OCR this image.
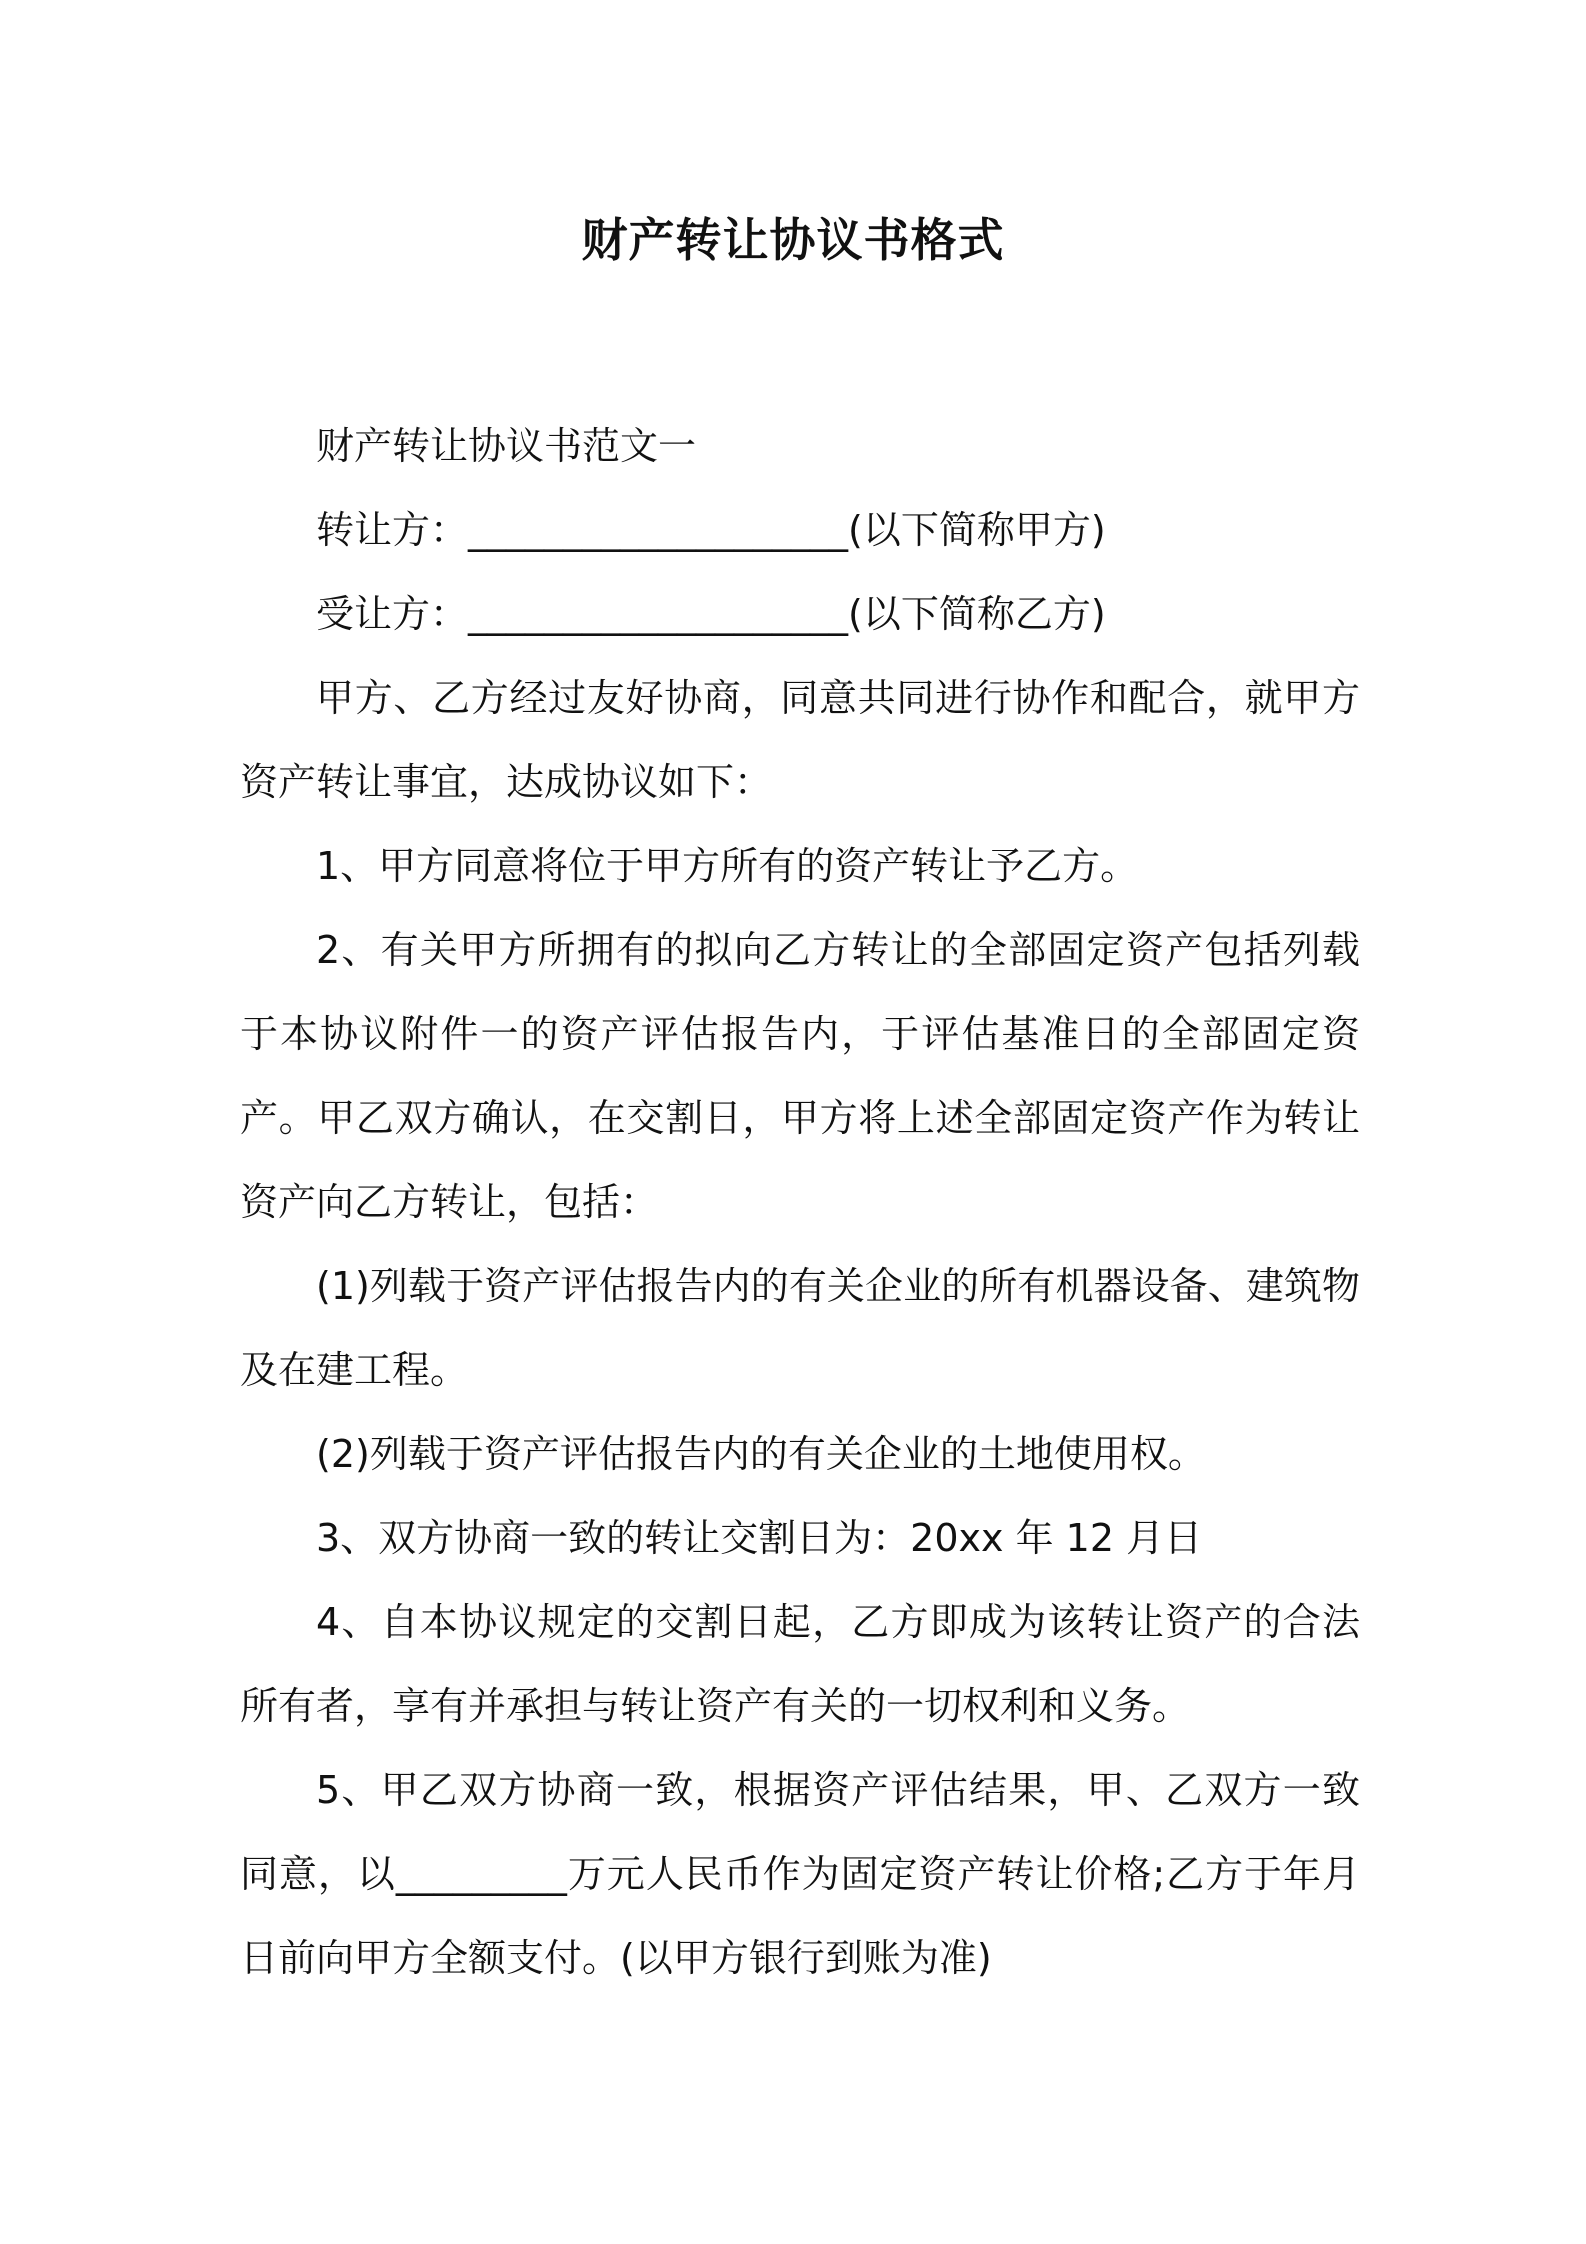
财产转让协议书格式

财产转让协议书范文一

转让方：____________________(以下简称甲方)

受让方：____________________(以下简称乙方)

甲方、乙方经过友好协商，同意共同进行协作和配合，就甲方资产转让事宜，达成协议如下：

1、甲方同意将位于甲方所有的资产转让予乙方。

2、有关甲方所拥有的拟向乙方转让的全部固定资产包括列载于本协议附件一的资产评估报告内，于评估基准日的全部固定资产。甲乙双方确认，在交割日，甲方将上述全部固定资产作为转让资产向乙方转让，包括：

(1)列载于资产评估报告内的有关企业的所有机器设备、建筑物及在建工程。

(2)列载于资产评估报告内的有关企业的土地使用权。

3、双方协商一致的转让交割日为：20xx 年 12 月日

4、自本协议规定的交割日起，乙方即成为该转让资产的合法所有者，享有并承担与转让资产有关的一切权利和义务。

5、甲乙双方协商一致，根据资产评估结果，甲、乙双方一致同意，以_________万元人民币作为固定资产转让价格;乙方于年月日前向甲方全额支付。(以甲方银行到账为准)
